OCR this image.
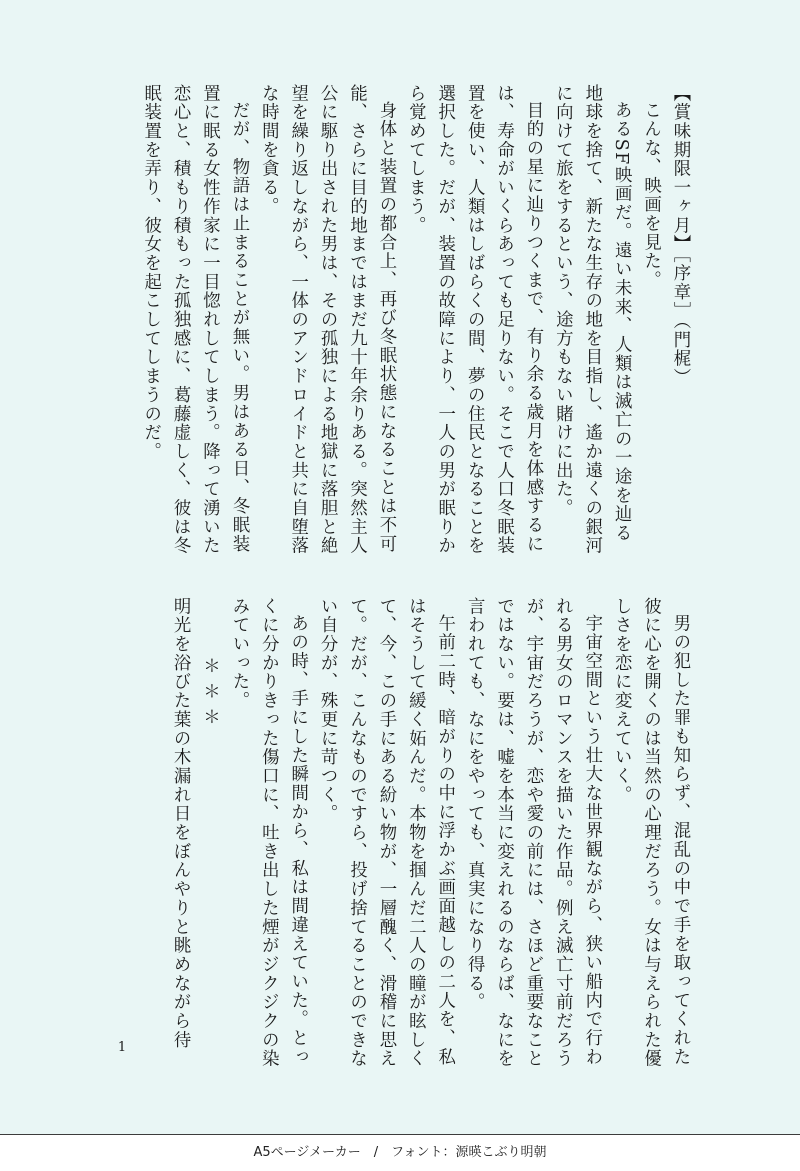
【賞味期限一ヶ月】［序章］（門梶）
こんな、映画を見た。
あるSF映画だ。遠い未来、人類は滅亡の一途を辿る
地球を捨て、新たな生存の地を目指し、遙か遠くの銀河
に向けて旅をするという、途方もない賭けに出た。
目的の星に辿りつくまで、有り余る歳月を体感するに
は、寿命がいくらあっても足りない。そこで人口冬眠装
置を使い、人類はしばらくの間、夢の住民となることを
選択した。だが、装置の故障により、一人の男が眠りか
ら覚めてしまう。
身体と装置の都合上、再び冬眠状態になることは不可
能、さらに目的地まではまだ九十年余りある。突然主人
公に駆り出された男は、その孤独による地獄に落胆と絶
望を繰り返しながら、一体のアンドロイドと共に自堕落
な時間を貪る。
だが、物語は止まることが無い。男はある日、冬眠装
置に眠る女性作家に一目惚れしてしまう。降って湧いた
恋心と、積もり積もった孤独感に、葛藤虚しく、彼は冬
眠装置を弄り、彼女を起こしてしまうのだ。
男の犯した罪も知らず、混乱の中で手を取ってくれた
彼に心を開くのは当然の心理だろう。女は与えられた優
しさを恋に変えていく。
宇宙空間という壮大な世界観ながら、狭い船内で行わ
れる男女のロマンスを描いた作品。例え滅亡寸前だろう
が、宇宙だろうが、恋や愛の前には、さほど重要なこと
ではない。要は、嘘を本当に変えれるのならば、なにを
言われても、なにをやっても、真実になり得る。
午前二時、暗がりの中に浮かぶ画面越しの二人を、私
はそうして緩く妬んだ。本物を掴んだ二人の瞳が眩しく
て、今、この手にある紛い物が、一層醜く、滑稽に思え
て。だが、こんなものですら、投げ捨てることのできな
い自分が、殊更に苛つく。
あの時、手にした瞬間から、私は間違えていた。とっ
くに分かりきった傷口に、吐き出した煙がジクジクの染
みていった。
＊＊＊
明光を浴びた葉の木漏れ日をぼんやりと眺めながら待
1
A5ページメーカー　/　フォント：源暎こぶり明朝
